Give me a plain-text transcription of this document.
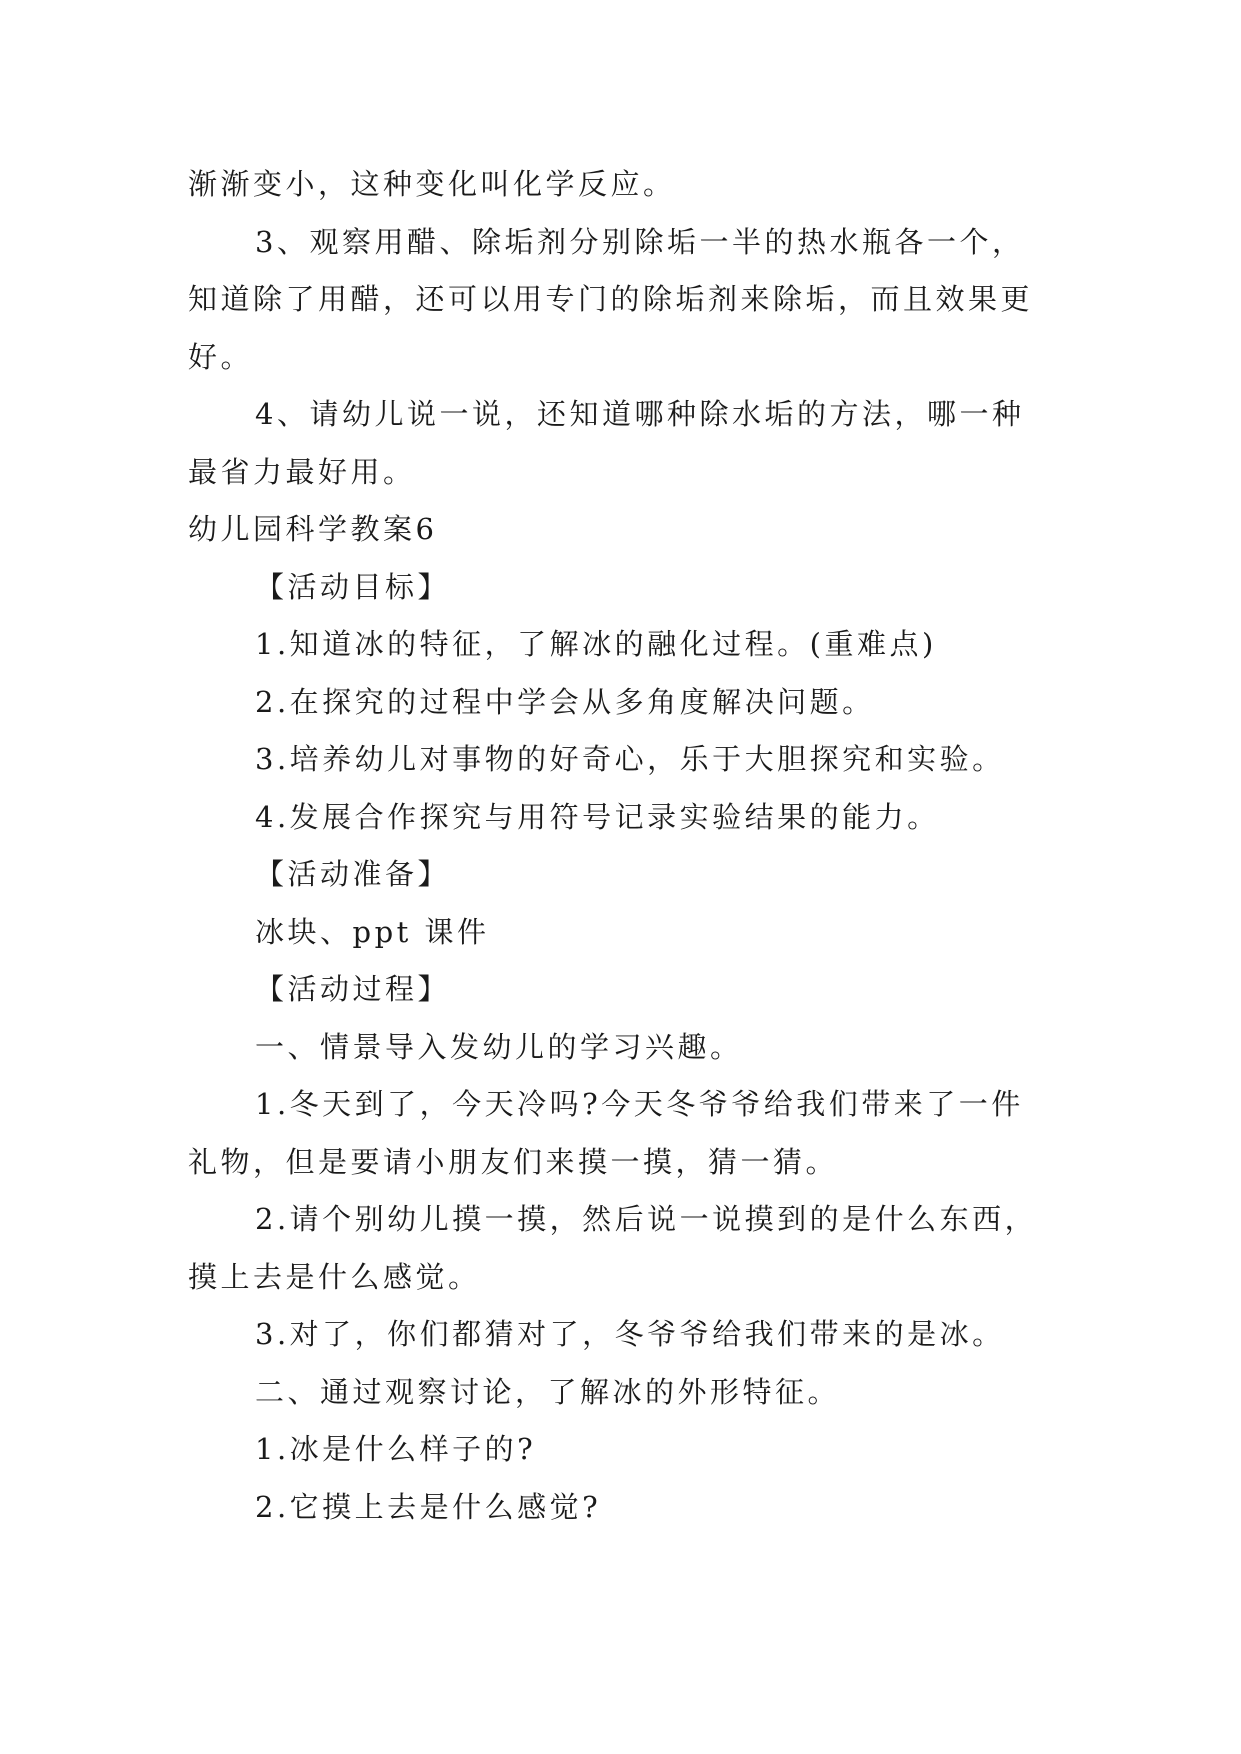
渐渐变小，这种变化叫化学反应。
3、观察用醋、除垢剂分别除垢一半的热水瓶各一个，
知道除了用醋，还可以用专门的除垢剂来除垢，而且效果更
好。
4、请幼儿说一说，还知道哪种除水垢的方法，哪一种
最省力最好用。
幼儿园科学教案6
【活动目标】
1.知道冰的特征，了解冰的融化过程。(重难点)
2.在探究的过程中学会从多角度解决问题。
3.培养幼儿对事物的好奇心，乐于大胆探究和实验。
4.发展合作探究与用符号记录实验结果的能力。
【活动准备】
冰块、ppt 课件
【活动过程】
一、情景导入发幼儿的学习兴趣。
1.冬天到了，今天冷吗?今天冬爷爷给我们带来了一件
礼物，但是要请小朋友们来摸一摸，猜一猜。
2.请个别幼儿摸一摸，然后说一说摸到的是什么东西，
摸上去是什么感觉。
3.对了，你们都猜对了，冬爷爷给我们带来的是冰。
二、通过观察讨论，了解冰的外形特征。
1.冰是什么样子的?
2.它摸上去是什么感觉?
